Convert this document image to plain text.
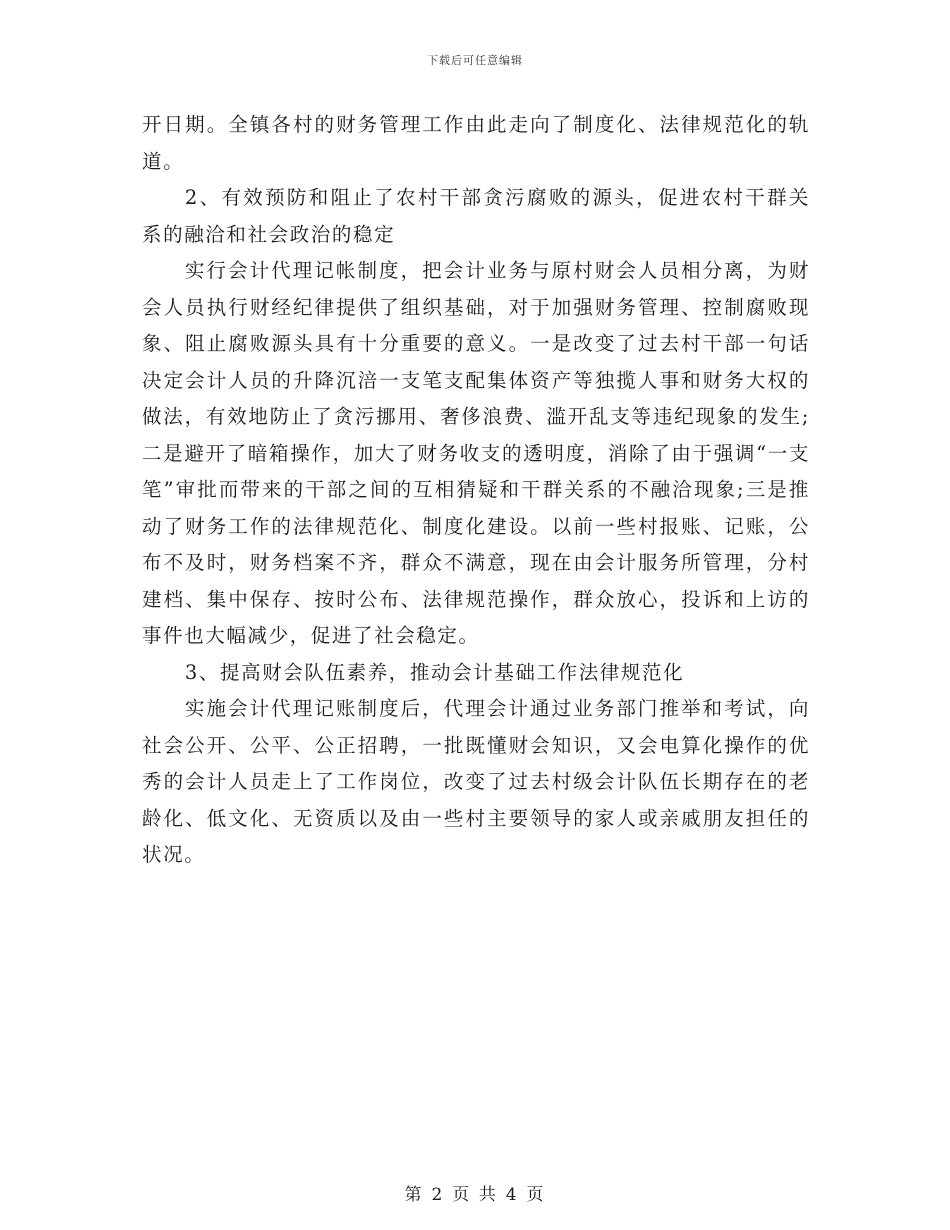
下载后可任意编辑

开日期。全镇各村的财务管理工作由此走向了制度化、法律规范化的轨道。

2、有效预防和阻止了农村干部贪污腐败的源头，促进农村干群关系的融洽和社会政治的稳定

实行会计代理记帐制度，把会计业务与原村财会人员相分离，为财会人员执行财经纪律提供了组织基础，对于加强财务管理、控制腐败现象、阻止腐败源头具有十分重要的意义。一是改变了过去村干部一句话决定会计人员的升降沉涪一支笔支配集体资产等独揽人事和财务大权的做法，有效地防止了贪污挪用、奢侈浪费、滥开乱支等违纪现象的发生;二是避开了暗箱操作，加大了财务收支的透明度，消除了由于强调“一支笔”审批而带来的干部之间的互相猜疑和干群关系的不融洽现象;三是推动了财务工作的法律规范化、制度化建设。以前一些村报账、记账，公布不及时，财务档案不齐，群众不满意，现在由会计服务所管理，分村建档、集中保存、按时公布、法律规范操作，群众放心，投诉和上访的事件也大幅减少，促进了社会稳定。

3、提高财会队伍素养，推动会计基础工作法律规范化

实施会计代理记账制度后，代理会计通过业务部门推举和考试，向社会公开、公平、公正招聘，一批既懂财会知识，又会电算化操作的优秀的会计人员走上了工作岗位，改变了过去村级会计队伍长期存在的老龄化、低文化、无资质以及由一些村主要领导的家人或亲戚朋友担任的状况。

第 2 页 共 4 页
